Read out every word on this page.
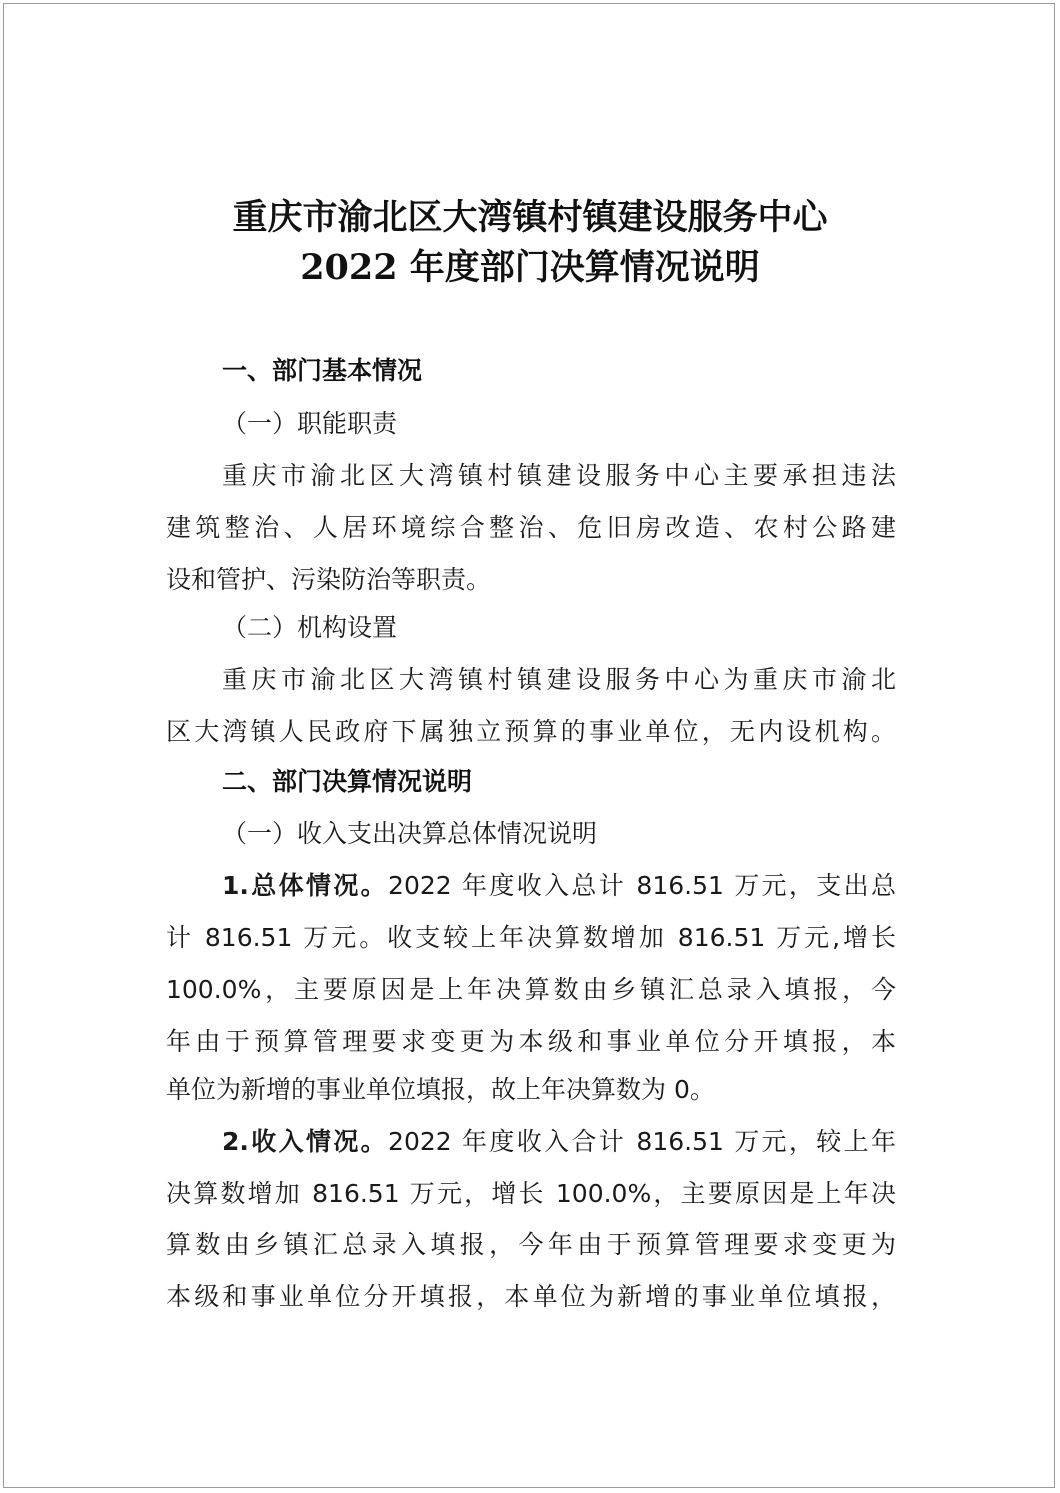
重庆市渝北区大湾镇村镇建设服务中心
2022 年度部门决算情况说明
一、部门基本情况
（一）职能职责
重庆市渝北区大湾镇村镇建设服务中心主要承担违法
建筑整治、人居环境综合整治、危旧房改造、农村公路建
设和管护、污染防治等职责。
（二）机构设置
重庆市渝北区大湾镇村镇建设服务中心为重庆市渝北
区大湾镇人民政府下属独立预算的事业单位，无内设机构。
二、部门决算情况说明
（一）收入支出决算总体情况说明
1.总体情况。2022 年度收入总计 816.51 万元，支出总
计 816.51 万元。收支较上年决算数增加 816.51 万元,增长
100.0%，主要原因是上年决算数由乡镇汇总录入填报，今
年由于预算管理要求变更为本级和事业单位分开填报，本
单位为新增的事业单位填报，故上年决算数为 0。
2.收入情况。2022 年度收入合计 816.51 万元，较上年
决算数增加 816.51 万元，增长 100.0%，主要原因是上年决
算数由乡镇汇总录入填报，今年由于预算管理要求变更为
本级和事业单位分开填报，本单位为新增的事业单位填报，
